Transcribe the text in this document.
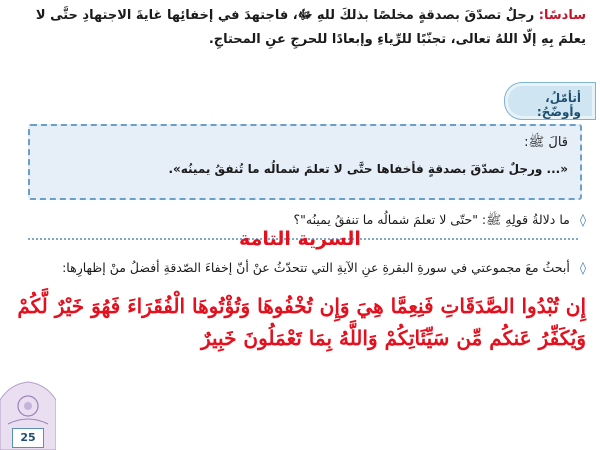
سادسًا: رجلٌ تصدّقَ بصدقةٍ مخلصًا بذلكَ للهِ ﷻ، فاجتهدَ في إخفائِها غايةَ الاجتهادِ حتَّى لا يعلمَ بِهِ إلّا اللهُ تعالى، تجنّبًا للرِّياءِ وإبعادًا للحرجِ عنِ المحتاجِ.
أتأمّلُ، وأوضّحُ:
قالَ ﷺ:
«... ورجلٌ تصدّقَ بصدقةٍ فأخفاها حتَّى لا تعلمَ شمالُه ما تُنفقُ يمينُه».
◊ ما دلالةُ قولِهِ ﷺ: "حتّى لا تعلمَ شمالُه ما تنفقُ يمينُه"؟
السرية التامة
◊ أبحثُ معَ مجموعتي في سورةِ البقرةِ عنِ الآيةِ التي تتحدّثُ عنْ أنّ إخفاءَ الصّدقةِ أفضلُ منْ إظهارِها:
إِن تُبْدُوا الصَّدَقَاتِ فَنِعِمَّا هِيَ وَإِن تُخْفُوهَا وَتُؤْتُوهَا الْفُقَرَاءَ فَهُوَ خَيْرٌ لَّكُمْ وَيُكَفِّرُ عَنكُم مِّن سَيِّئَاتِكُمْ وَاللَّهُ بِمَا تَعْمَلُونَ خَبِيرٌ
25
